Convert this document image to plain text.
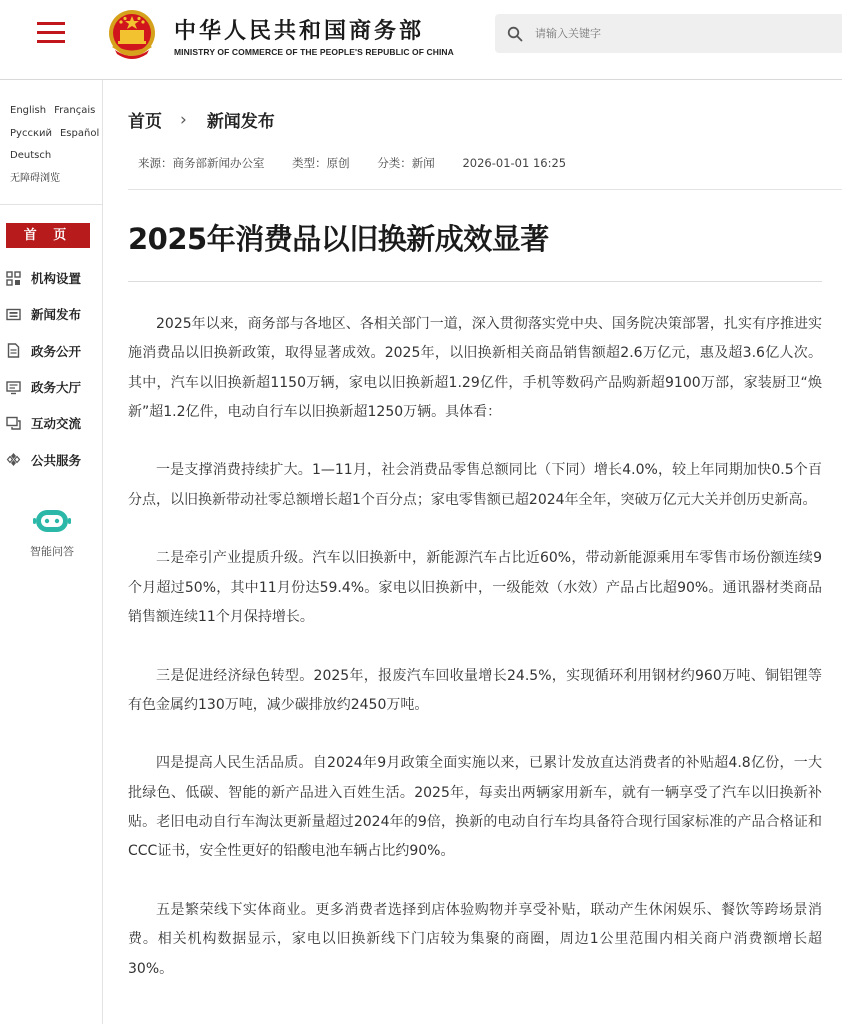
中华人民共和国商务部
MINISTRY OF COMMERCE OF THE PEOPLE'S REPUBLIC OF CHINA
请输入关键字
English Français
Русский Español
Deutsch
无障碍浏览
首 页
机构设置
新闻发布
政务公开
政务大厅
互动交流
公共服务
智能问答
首页 › 新闻发布
来源：商务部新闻办公室 类型：原创 分类：新闻 2026-01-01 16:25
2025年消费品以旧换新成效显著

2025年以来，商务部与各地区、各相关部门一道，深入贯彻落实党中央、国务院决策部署，扎实有序推进实施消费品以旧换新政策，取得显著成效。2025年，以旧换新相关商品销售额超2.6万亿元，惠及超3.6亿人次。其中，汽车以旧换新超1150万辆，家电以旧换新超1.29亿件，手机等数码产品购新超9100万部，家装厨卫“焕新”超1.2亿件，电动自行车以旧换新超1250万辆。具体看：

一是支撑消费持续扩大。1—11月，社会消费品零售总额同比（下同）增长4.0%，较上年同期加快0.5个百分点，以旧换新带动社零总额增长超1个百分点；家电零售额已超2024年全年，突破万亿元大关并创历史新高。

二是牵引产业提质升级。汽车以旧换新中，新能源汽车占比近60%，带动新能源乘用车零售市场份额连续9个月超过50%，其中11月份达59.4%。家电以旧换新中，一级能效（水效）产品占比超90%。通讯器材类商品销售额连续11个月保持增长。

三是促进经济绿色转型。2025年，报废汽车回收量增长24.5%，实现循环利用钢材约960万吨、铜铝锂等有色金属约130万吨，减少碳排放约2450万吨。

四是提高人民生活品质。自2024年9月政策全面实施以来，已累计发放直达消费者的补贴超4.8亿份，一大批绿色、低碳、智能的新产品进入百姓生活。2025年，每卖出两辆家用新车，就有一辆享受了汽车以旧换新补贴。老旧电动自行车淘汰更新量超过2024年的9倍，换新的电动自行车均具备符合现行国家标准的产品合格证和CCC证书，安全性更好的铅酸电池车辆占比约90%。

五是繁荣线下实体商业。更多消费者选择到店体验购物并享受补贴，联动产生休闲娱乐、餐饮等跨场景消费。相关机构数据显示，家电以旧换新线下门店较为集聚的商圈，周边1公里范围内相关商户消费额增长超30%。
